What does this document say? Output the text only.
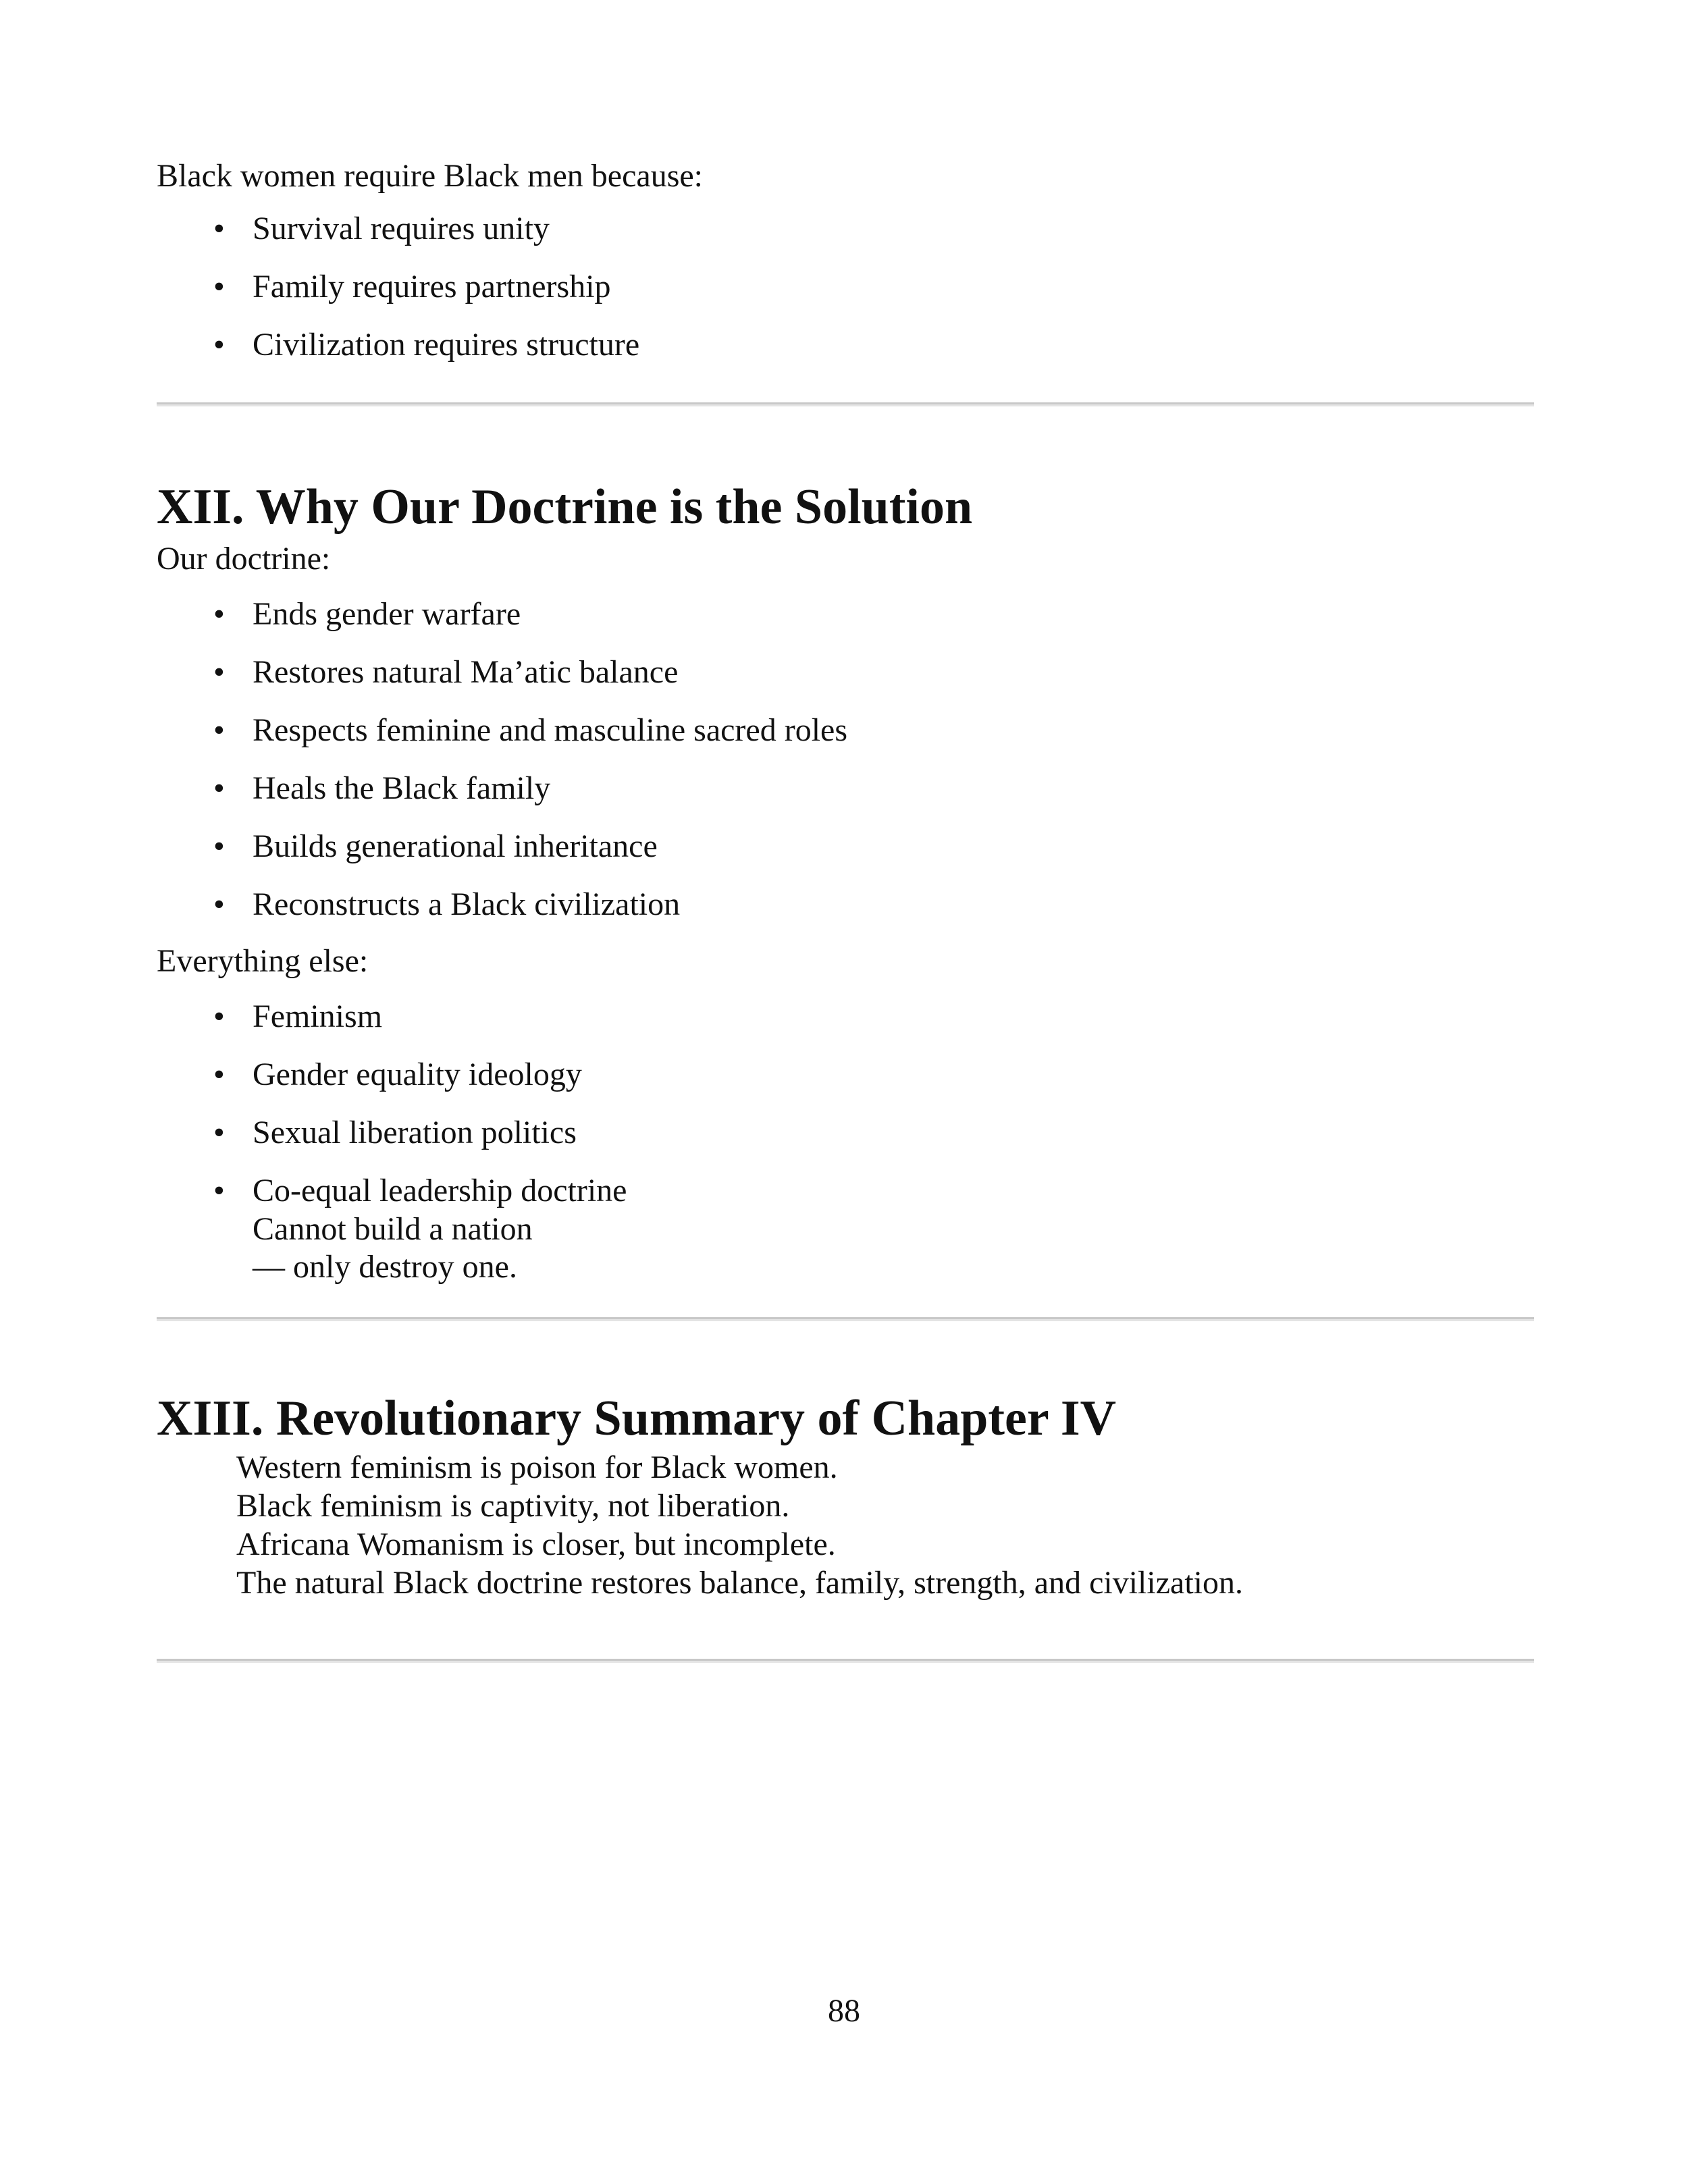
Black women require Black men because:

• Survival requires unity
• Family requires partnership
• Civilization requires structure
XII. Why Our Doctrine is the Solution

Our doctrine:

• Ends gender warfare
• Restores natural Ma’atic balance
• Respects feminine and masculine sacred roles
• Heals the Black family
• Builds generational inheritance
• Reconstructs a Black civilization

Everything else:

• Feminism
• Gender equality ideology
• Sexual liberation politics
• Co-equal leadership doctrine
Cannot build a nation
— only destroy one.
XIII. Revolutionary Summary of Chapter IV
Western feminism is poison for Black women.
Black feminism is captivity, not liberation.
Africana Womanism is closer, but incomplete.
The natural Black doctrine restores balance, family, strength, and civilization.
88
